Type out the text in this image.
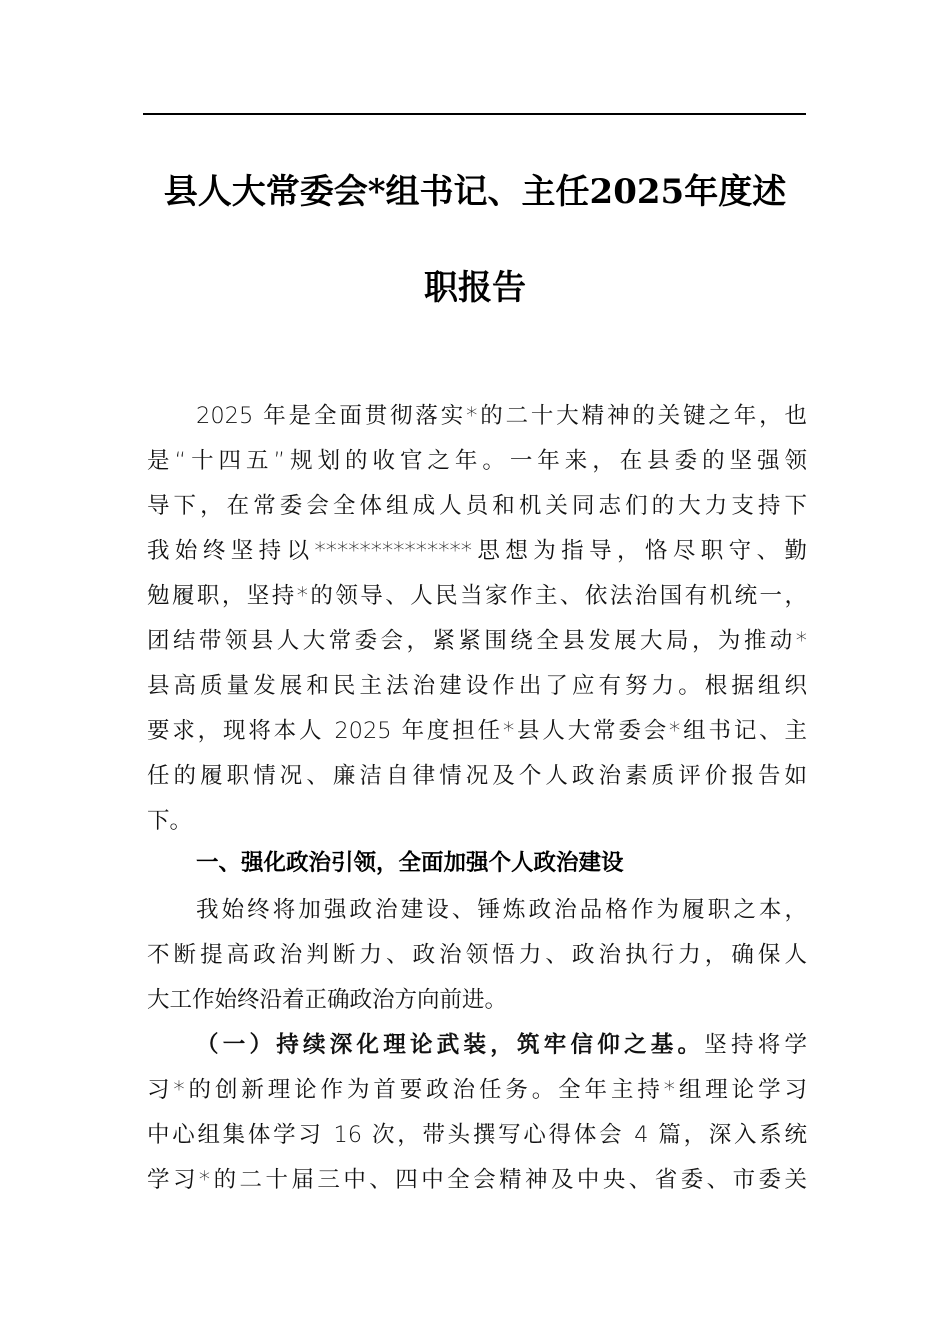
县人大常委会*组书记、主任2025年度述
职报告
2025 年是全面贯彻落实*的二十大精神的关键之年，也
是“十四五”规划的收官之年。一年来，在县委的坚强领
导下，在常委会全体组成人员和机关同志们的大力支持下
我始终坚持以**************思想为指导，恪尽职守、勤
勉履职，坚持*的领导、人民当家作主、依法治国有机统一，
团结带领县人大常委会，紧紧围绕全县发展大局，为推动*
县高质量发展和民主法治建设作出了应有努力。根据组织
要求，现将本人 2025 年度担任*县人大常委会*组书记、主
任的履职情况、廉洁自律情况及个人政治素质评价报告如
下。
一、强化政治引领，全面加强个人政治建设
我始终将加强政治建设、锤炼政治品格作为履职之本，
不断提高政治判断力、政治领悟力、政治执行力，确保人
大工作始终沿着正确政治方向前进。
（一）持续深化理论武装，筑牢信仰之基。坚持将学
习*的创新理论作为首要政治任务。全年主持*组理论学习
中心组集体学习 16 次，带头撰写心得体会 4 篇，深入系统
学习*的二十届三中、四中全会精神及中央、省委、市委关
